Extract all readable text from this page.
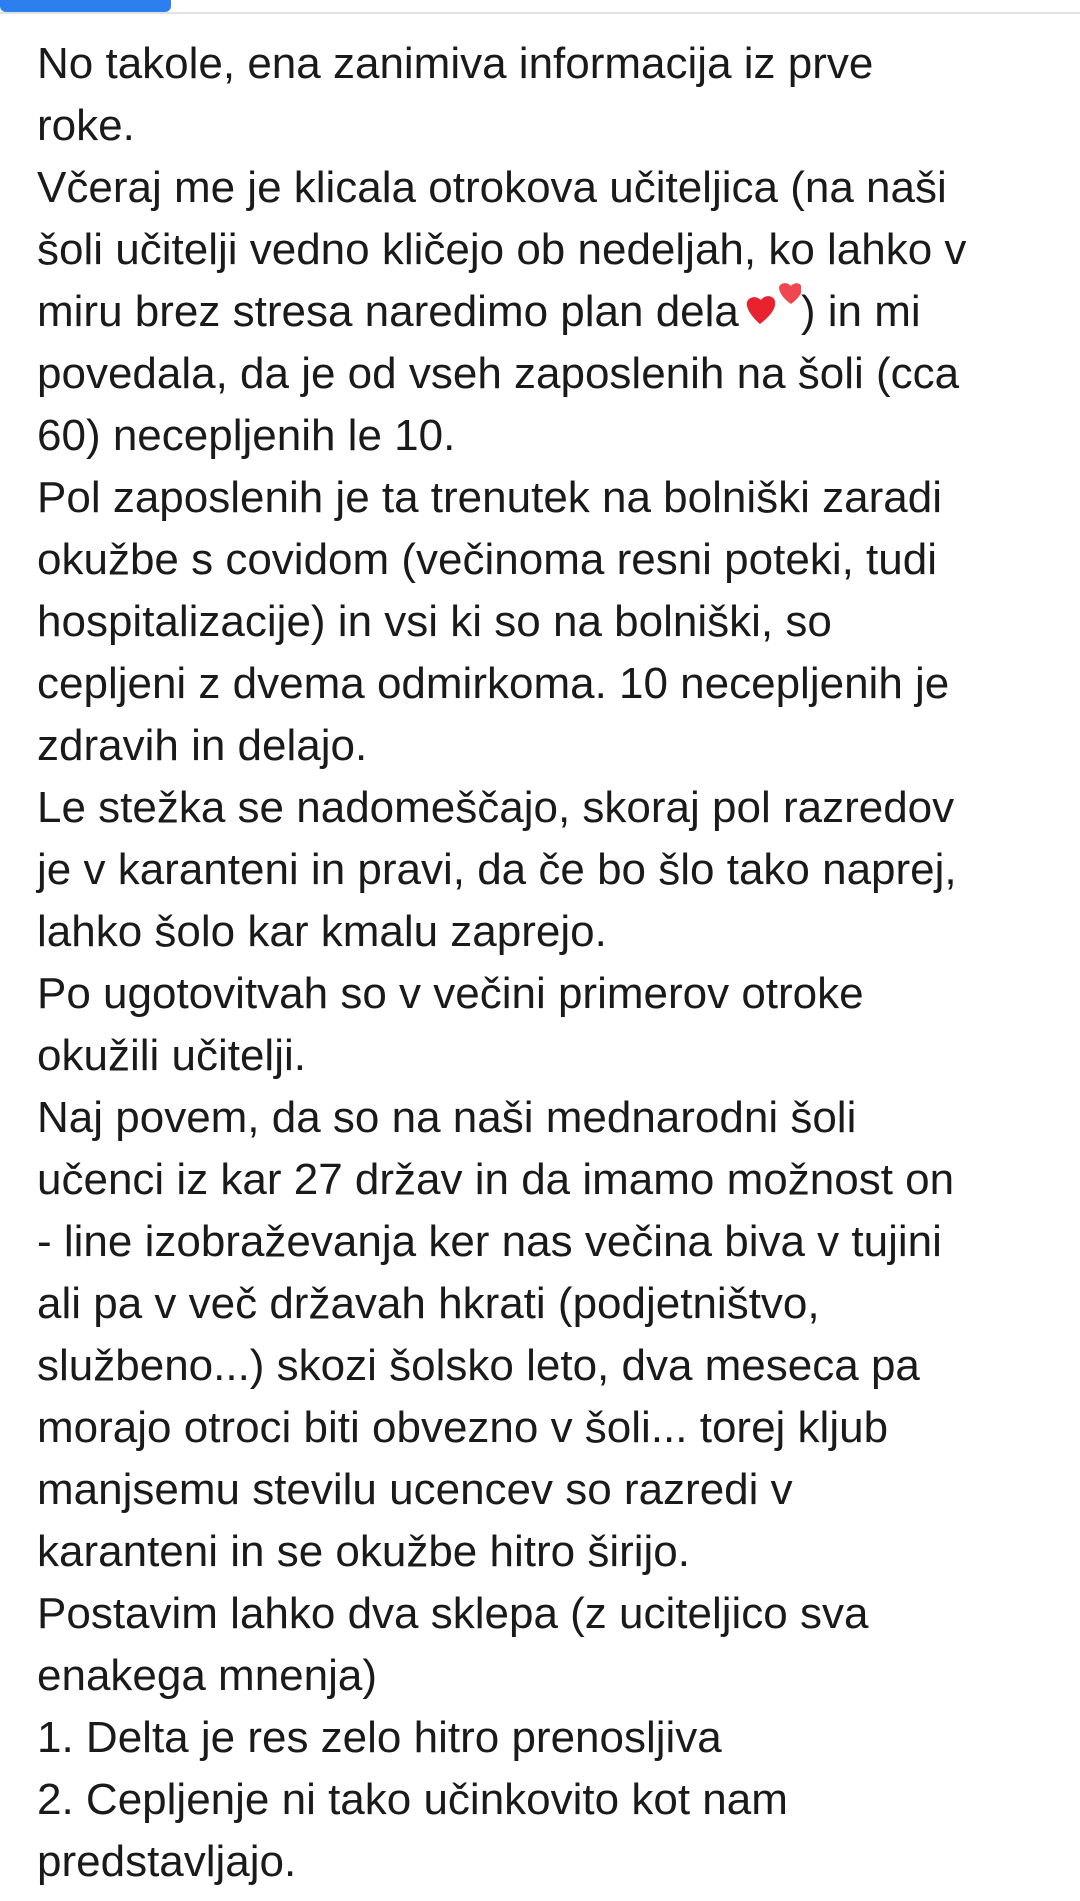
No takole, ena zanimiva informacija iz prve
roke.
Včeraj me je klicala otrokova učiteljica (na naši
šoli učitelji vedno kličejo ob nedeljah, ko lahko v
miru brez stresa naredimo plan dela ) in mi
povedala, da je od vseh zaposlenih na šoli (cca
60) necepljenih le 10.
Pol zaposlenih je ta trenutek na bolniški zaradi
okužbe s covidom (večinoma resni poteki, tudi
hospitalizacije) in vsi ki so na bolniški, so
cepljeni z dvema odmirkoma. 10 necepljenih je
zdravih in delajo.
Le stežka se nadomeščajo, skoraj pol razredov
je v karanteni in pravi, da če bo šlo tako naprej,
lahko šolo kar kmalu zaprejo.
Po ugotovitvah so v večini primerov otroke
okužili učitelji.
Naj povem, da so na naši mednarodni šoli
učenci iz kar 27 držav in da imamo možnost on
- line izobraževanja ker nas večina biva v tujini
ali pa v več državah hkrati (podjetništvo,
službeno...) skozi šolsko leto, dva meseca pa
morajo otroci biti obvezno v šoli... torej kljub
manjsemu stevilu ucencev so razredi v
karanteni in se okužbe hitro širijo.
Postavim lahko dva sklepa (z uciteljico sva
enakega mnenja)
1. Delta je res zelo hitro prenosljiva
2. Cepljenje ni tako učinkovito kot nam
predstavljajo.
